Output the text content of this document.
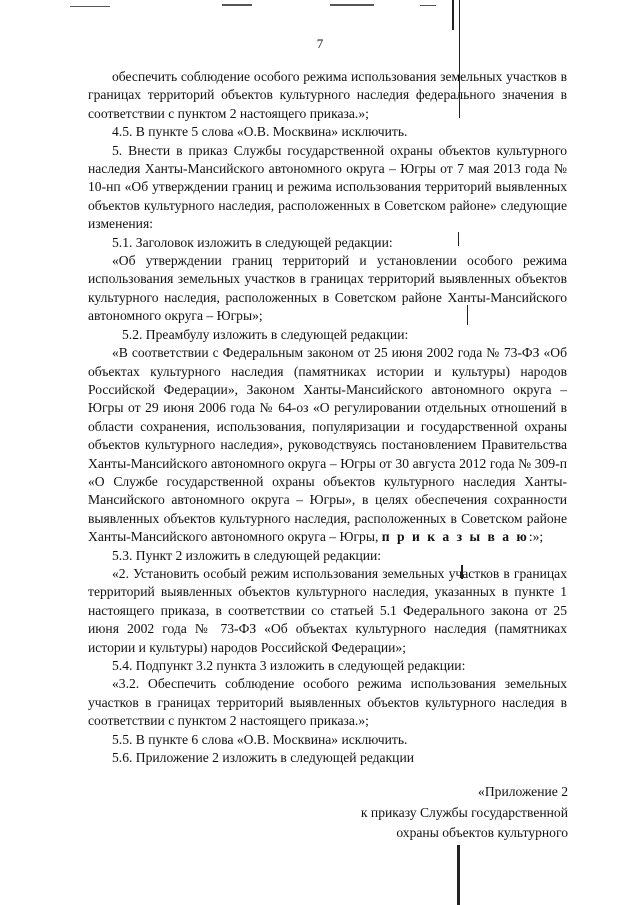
7

обеспечить соблюдение особого режима использования земельных участков в границах территорий объектов культурного наследия федерального значения в соответствии с пунктом 2 настоящего приказа.»;

4.5. В пункте 5 слова «О.В. Москвина» исключить.

5. Внести в приказ Службы государственной охраны объектов культурного наследия Ханты-Мансийского автономного округа – Югры от 7 мая 2013 года № 10-нп «Об утверждении границ и режима использования территорий выявленных объектов культурного наследия, расположенных в Советском районе» следующие изменения:

5.1. Заголовок изложить в следующей редакции:

«Об утверждении границ территорий и установлении особого режима использования земельных участков в границах территорий выявленных объектов культурного наследия, расположенных в Советском районе Ханты-Мансийского автономного округа – Югры»;

5.2. Преамбулу изложить в следующей редакции:

«В соответствии с Федеральным законом от 25 июня 2002 года № 73-ФЗ «Об объектах культурного наследия (памятниках истории и культуры) народов Российской Федерации», Законом Ханты-Мансийского автономного округа – Югры от 29 июня 2006 года № 64-оз «О регулировании отдельных отношений в области сохранения, использования, популяризации и государственной охраны объектов культурного наследия», руководствуясь постановлением Правительства Ханты-Мансийского автономного округа – Югры от 30 августа 2012 года № 309-п «О Службе государственной охраны объектов культурного наследия Ханты-Мансийского автономного округа – Югры», в целях обеспечения сохранности выявленных объектов культурного наследия, расположенных в Советском районе Ханты-Мансийского автономного округа – Югры, п р и к а з ы в а ю:»;

5.3. Пункт 2 изложить в следующей редакции:

«2. Установить особый режим использования земельных участков в границах территорий выявленных объектов культурного наследия, указанных в пункте 1 настоящего приказа, в соответствии со статьей 5.1 Федерального закона от 25 июня 2002 года № 73-ФЗ «Об объектах культурного наследия (памятниках истории и культуры) народов Российской Федерации»;

5.4. Подпункт 3.2 пункта 3 изложить в следующей редакции:

«3.2. Обеспечить соблюдение особого режима использования земельных участков в границах территорий выявленных объектов культурного наследия в соответствии с пунктом 2 настоящего приказа.»;

5.5. В пункте 6 слова «О.В. Москвина» исключить.

5.6. Приложение 2 изложить в следующей редакции

«Приложение 2

к приказу Службы государственной

охраны объектов культурного
